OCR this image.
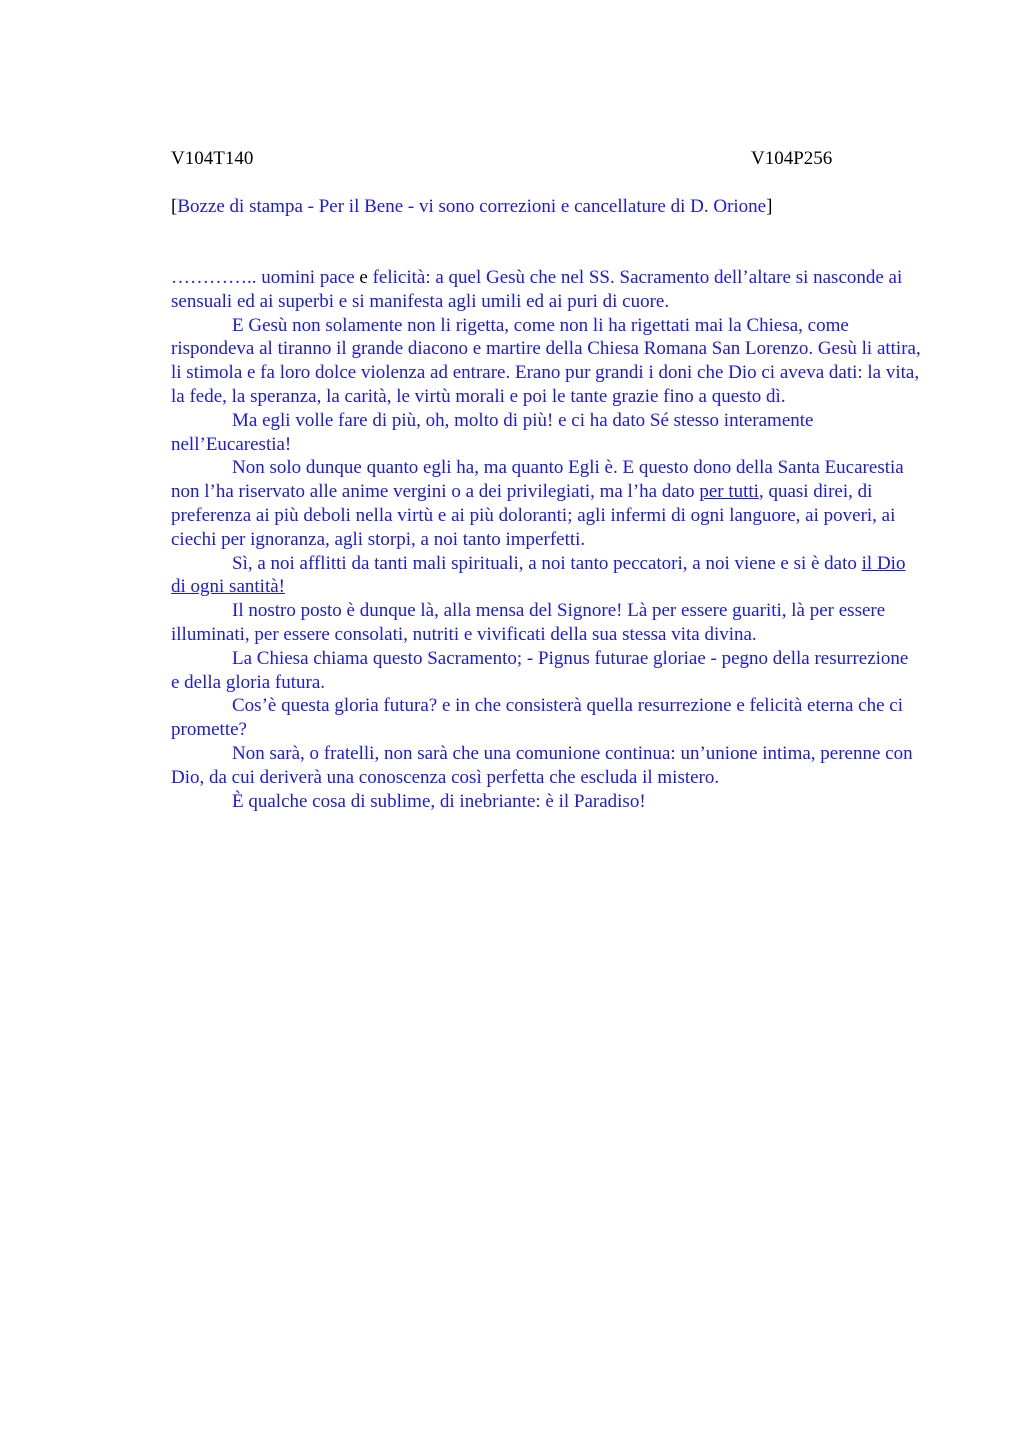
V104T140	V104P256
[Bozze di stampa - Per il Bene - vi sono correzioni e cancellature di D. Orione]

………….. uomini pace e felicità: a quel Gesù che nel SS. Sacramento dell’altare si nasconde ai sensuali ed ai superbi e si manifesta agli umili ed ai puri di cuore.

E Gesù non solamente non li rigetta, come non li ha rigettati mai la Chiesa, come rispondeva al tiranno il grande diacono e martire della Chiesa Romana San Lorenzo. Gesù li attira, li stimola e fa loro dolce violenza ad entrare. Erano pur grandi i doni che Dio ci aveva dati: la vita, la fede, la speranza, la carità, le virtù morali e poi le tante grazie fino a questo dì.

Ma egli volle fare di più, oh, molto di più! e ci ha dato Sé stesso interamente nell’Eucarestia!

Non solo dunque quanto egli ha, ma quanto Egli è. E questo dono della Santa Eucarestia non l’ha riservato alle anime vergini o a dei privilegiati, ma l’ha dato per tutti, quasi direi, di preferenza ai più deboli nella virtù e ai più doloranti; agli infermi di ogni languore, ai poveri, ai ciechi per ignoranza, agli storpi, a noi tanto imperfetti.

Sì, a noi afflitti da tanti mali spirituali, a noi tanto peccatori, a noi viene e si è dato il Dio di ogni santità!

Il nostro posto è dunque là, alla mensa del Signore! Là per essere guariti, là per essere illuminati, per essere consolati, nutriti e vivificati della sua stessa vita divina.

La Chiesa chiama questo Sacramento; - Pignus futurae gloriae - pegno della resurrezione e della gloria futura.

Cos’è questa gloria futura? e in che consisterà quella resurrezione e felicità eterna che ci promette?

Non sarà, o fratelli, non sarà che una comunione continua: un’unione intima, perenne con Dio, da cui deriverà una conoscenza così perfetta che escluda il mistero.

È qualche cosa di sublime, di inebriante: è il Paradiso!
